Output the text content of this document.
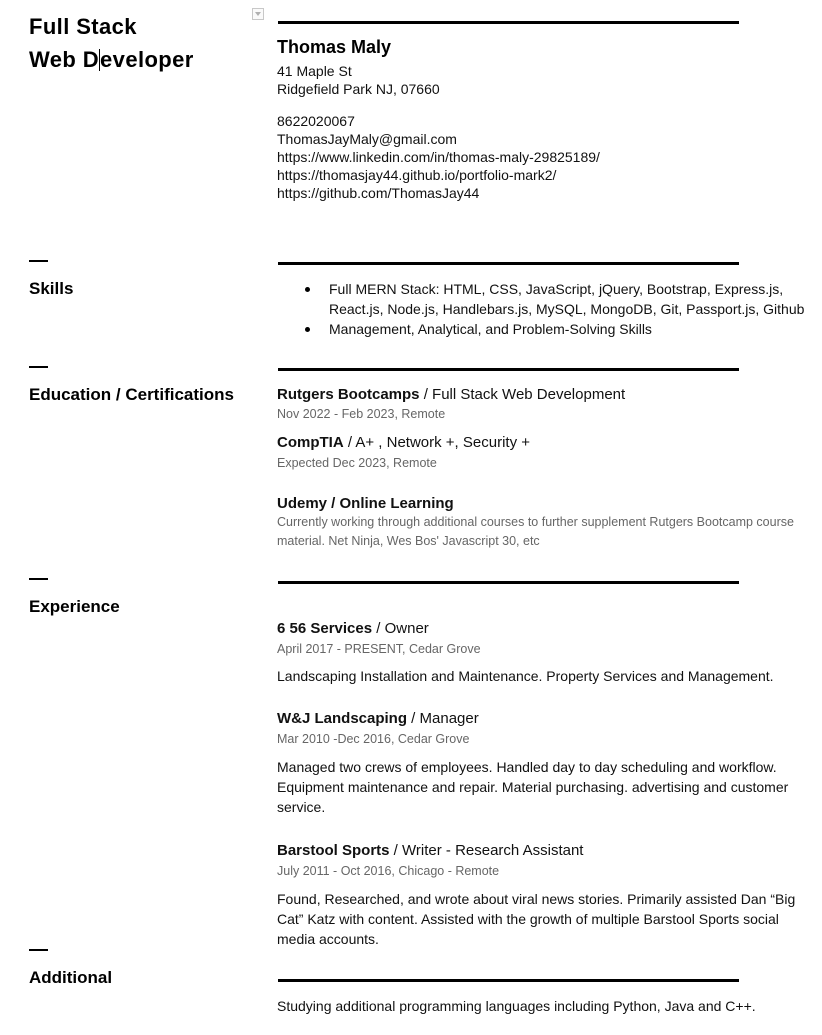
Full Stack
Web Developer	Thomas Maly
41 Maple St
Ridgefield Park NJ, 07660
8622020067
ThomasJayMaly@gmail.com
https://www.linkedin.com/in/thomas-maly-29825189/
https://thomasjay44.github.io/portfolio-mark2/
https://github.com/ThomasJay44
Skills	Full MERN Stack: HTML, CSS, JavaScript, jQuery, Bootstrap, Express.js, React.js, Node.js, Handlebars.js, MySQL, MongoDB, Git, Passport.js, Github
Management, Analytical, and Problem-Solving Skills
Education / Certifications	Rutgers Bootcamps / Full Stack Web Development
Nov 2022 - Feb 2023, Remote
CompTIA / A+ , Network +, Security +
Expected Dec 2023, Remote
Udemy / Online Learning
Currently working through additional courses to further supplement Rutgers Bootcamp course material. Net Ninja, Wes Bos' Javascript 30, etc
Experience
6 56 Services / Owner
April 2017 - PRESENT, Cedar Grove
Landscaping Installation and Maintenance. Property Services and Management.
W&J Landscaping / Manager
Mar 2010 -Dec 2016, Cedar Grove
Managed two crews of employees. Handled day to day scheduling and workflow. Equipment maintenance and repair. Material purchasing. advertising and customer service.
Barstool Sports / Writer - Research Assistant
July 2011 - Oct 2016, Chicago - Remote
Found, Researched, and wrote about viral news stories. Primarily assisted Dan “Big Cat” Katz with content. Assisted with the growth of multiple Barstool Sports social media accounts.
Additional
Studying additional programming languages including Python, Java and C++.
